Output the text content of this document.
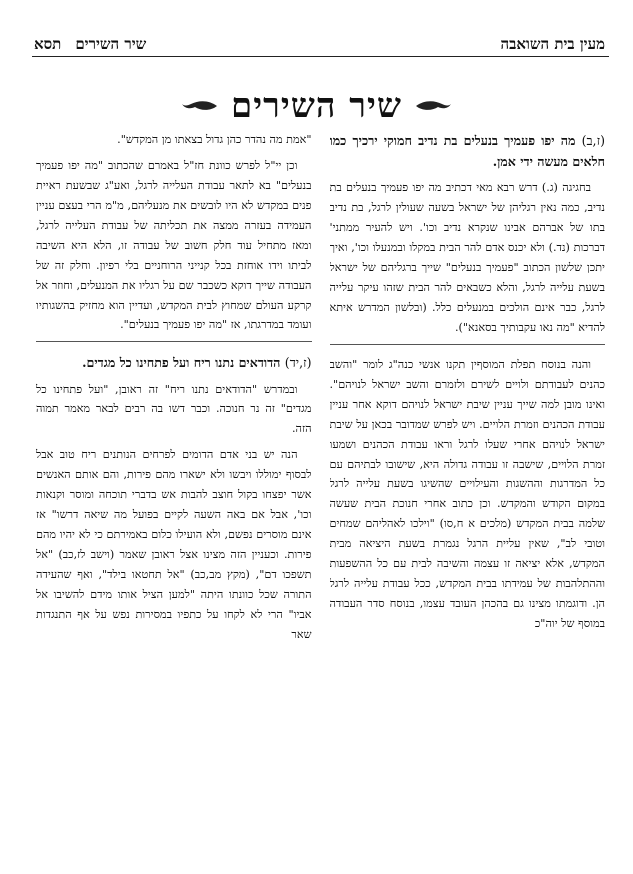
מעין בית השואבה
שיר השירים
תסא
שיר השירים

(ז,ב) מה יפו פעמיך בנעלים בת נדיב חמוקי ירכיך כמו חלאים מעשה ידי אמן.

בחגיגה (ג.) דרש רבא מאי דכתיב מה יפו פעמיך בנעלים בת נדיב, כמה נאין רגליהן של ישראל בשעה שעולין לרגל, בת נדיב בתו של אברהם אבינו שנקרא נדיב וכו'. ויש להעיר ממתני' דברכות (נד.) ולא יכנס אדם להר הבית במקלו ובמנעלו וכו', ואיך יתכן שלשון הכתוב "פעמיך בנעלים" שייך ברגליהם של ישראל בשעת עלייה לרגל, והלא כשבאים להר הבית שזהו עיקר עלייה לרגל, כבר אינם הולכים במנעלים כלל. (ובלשון המדרש איתא להדיא "מה נאו עקבותיך בסאנא").

והנה בנוסח תפלת המוסףין תקנו אנשי כנה"ג לומר "והשב כהנים לעבודתם ולויים לשירם ולזמרם והשב ישראל לנויהם". ואינו מובן למה שייך עניין שיבת ישראל לנויהם דוקא אחר עניין עבודת הכהנים וזמרת הלויים. ויש לפרש שמדובר בכאן על שיבת ישראל לנויהם אחרי שעלו לרגל וראו עבודת הכהנים ושמעו זמרת הלויים, שישבה זו עבודה גדולה היא, שישובו לבתיהם עם כל המדרגות וההשגות והעילויים שהשיגו בשעת עלייה לרגל במקום הקודש והמקדש. וכן כתוב אחרי חנוכת הבית שעשה שלמה בבית המקדש (מלכים א ח,סו) "וילכו לאהליהם שמחים וטובי לב", שאין עליית הרגל נגמרת בשעת היציאה מבית המקדש, אלא יציאה זו עצמה והשיבה לבית עם כל ההשפעות וההתלהבות של עמידתו בבית המקדש, ככל עבודת עלייה לרגל הן. ודוגמתו מצינו גם בהכהן העובד עצמו, בנוסח סדר העבודה במוסף של יוה"כ

"אמת מה נהדר כהן גדול בצאתו מן המקדש".

וכן יי"ל לפרש כוונת חז"ל באמרם שהכתוב "מה יפו פעמיך בנעלים" בא לתאר עבודת העלייה לרגל, ואע"ג שבשעת ראיית פנים במקדש לא היו לובשים את מנעליהם, מ"מ הרי בעצם עניין העמידה בעזרה ממצה את תכליתה של עבודת העלייה לרגל, ומאז מתחיל עוד חלק חשוב של עבודה זו, הלא היא השיבה לביתו וידו אוחזת בכל קנייני הרוחניים בלי רפיון. וחלק זה של העבודה שייך דוקא כשכבר שם על רגליו את המנעלים, וחוזר אל קרקע העולם שמחוץ לבית המקדש, ועדיין הוא מחזיק בהשגותיו ועומד במדרגתו, אז "מה יפו פעמיך בנעלים".

(ז,יד) הדודאים נתנו ריח ועל פתחינו כל מגדים.

ובמדרש "הדודאים נתנו ריח" זה ראובן, "ועל פתחינו כל מגדים" זה נר חנוכה. וכבר דשו בה רבים לבאר מאמר תמוה הזה.

הנה יש בני אדם הדומים לפרחים הנותנים ריח טוב אבל לבסוף ימוללו ויבשו ולא ישארו מהם פירות, והם אותם האנשים אשר יפצחו בקול חוצב להבות אש בדברי תוכחה ומוסר וקנאות וכו', אבל אם באה השעה לקיים בפועל מה שיאה דרשו" אז אינם מוסרים נפשם, ולא הועילו כלום באמירתם כי לא יהיו מהם פירות. וכעניין הזה מצינו אצל ראובן שאמר (וישב לז,כב) "אל תשפכו דם", (מקץ מב,כב) "אל תחטאו בילד", ואף שהעידה התורה שכל כוונתו היתה "למען הציל אותו מידם להשיבו אל אביו" הרי לא לקחו על כתפיו במסירות נפש על אף התנגדות שאר
